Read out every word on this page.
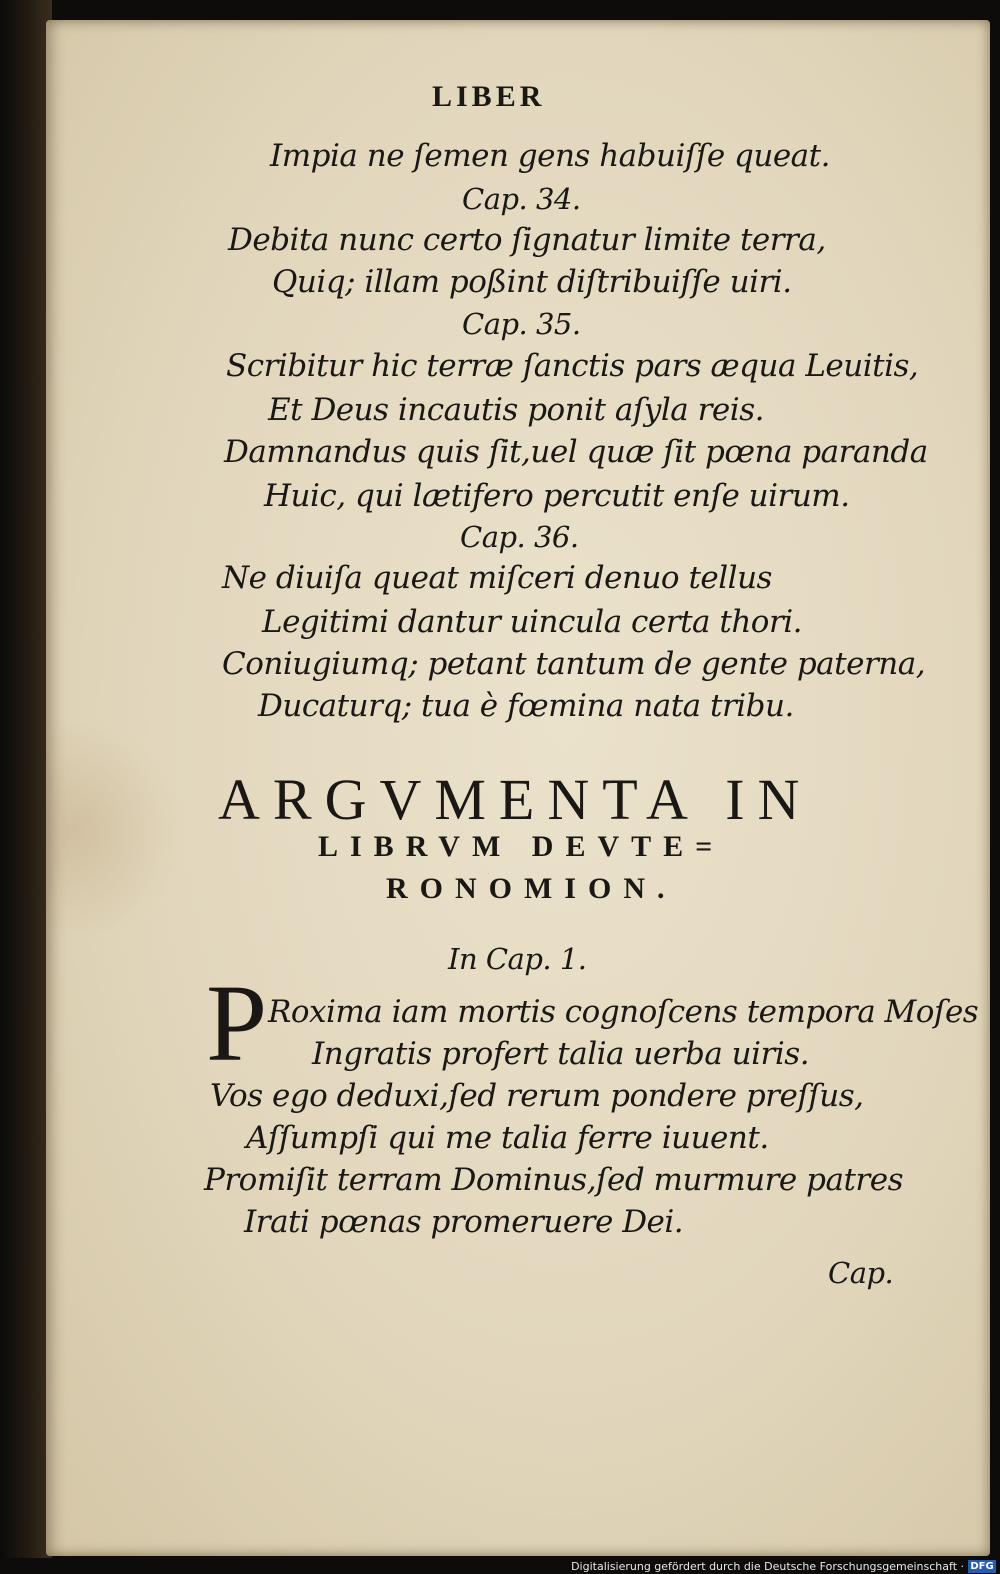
LIBER
Impia ne ſemen gens habuiſſe queat.
Cap. 34.
Debita nunc certo ſignatur limite terra,
Quiq; illam poßint diſtribuiſſe uiri.
Cap. 35.
Scribitur hic terræ ſanctis pars æqua Leuitis,
Et Deus incautis ponit aſyla reis.
Damnandus quis ſit,uel quæ ſit pœna paranda
Huic, qui lætifero percutit enſe uirum.
Cap. 36.
Ne diuiſa queat miſceri denuo tellus
Legitimi dantur uincula certa thori.
Coniugiumq; petant tantum de gente paterna,
Ducaturq; tua è fœmina nata tribu.
ARGVMENTA IN
LIBRVM DEVTE=
RONOMION.
In Cap. 1.
P Roxima iam mortis cognoſcens tempora Moſes
Ingratis profert talia uerba uiris.
Vos ego deduxi,ſed rerum pondere preſſus,
Aſſumpſi qui me talia ferre iuuent.
Promiſit terram Dominus,ſed murmure patres
Irati pœnas promeruere Dei.
Cap.
Digitalisierung gefördert durch die Deutsche Forschungsgemeinschaft · DFG
